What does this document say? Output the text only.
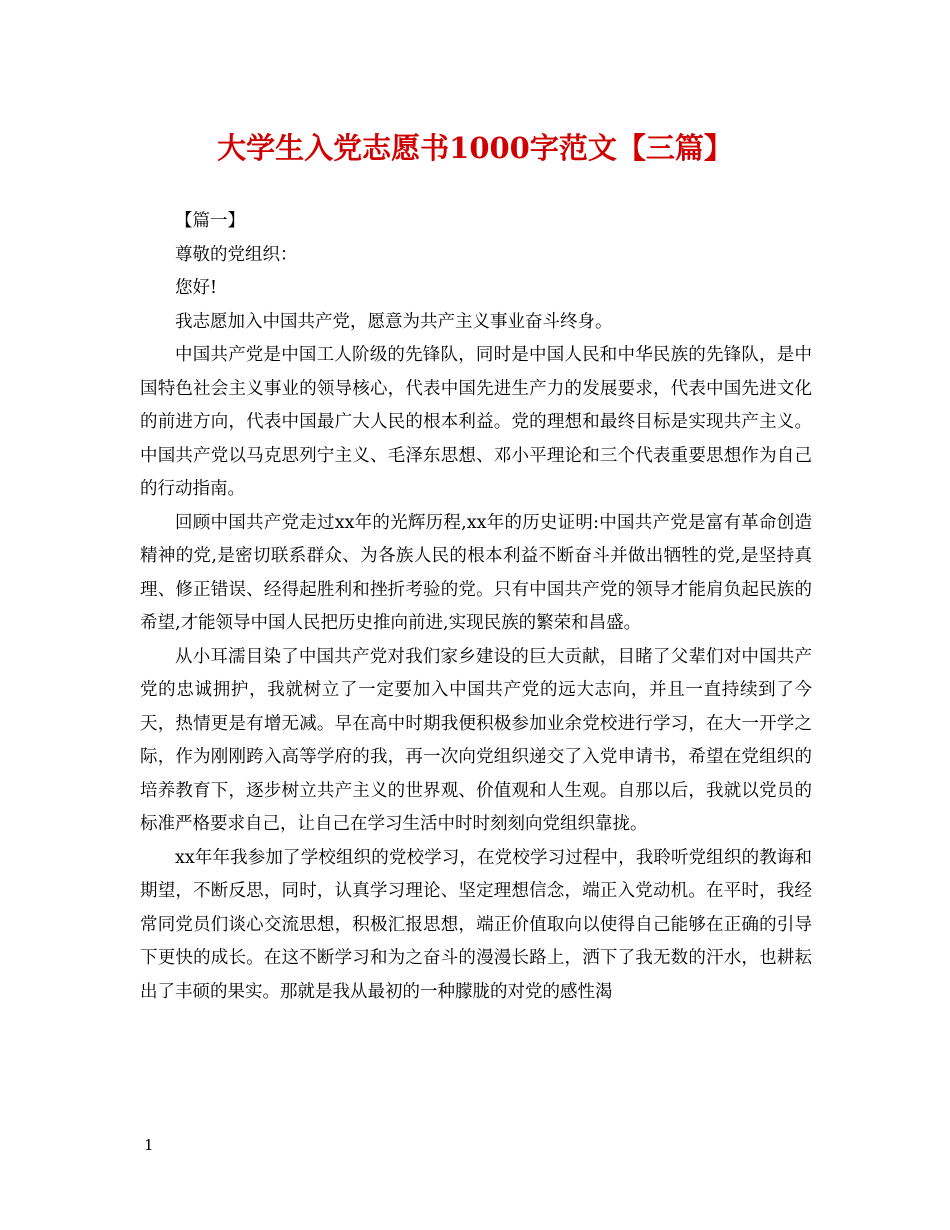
大学生入党志愿书1000字范文【三篇】

【篇一】

尊敬的党组织：

您好!

我志愿加入中国共产党，愿意为共产主义事业奋斗终身。

中国共产党是中国工人阶级的先锋队，同时是中国人民和中华民族的先锋队，是中国特色社会主义事业的领导核心，代表中国先进生产力的发展要求，代表中国先进文化的前进方向，代表中国最广大人民的根本利益。党的理想和最终目标是实现共产主义。中国共产党以马克思列宁主义、毛泽东思想、邓小平理论和三个代表重要思想作为自己的行动指南。

回顾中国共产党走过xx年的光辉历程,xx年的历史证明:中国共产党是富有革命创造精神的党,是密切联系群众、为各族人民的根本利益不断奋斗并做出牺牲的党,是坚持真理、修正错误、经得起胜利和挫折考验的党。只有中国共产党的领导才能肩负起民族的希望,才能领导中国人民把历史推向前进,实现民族的繁荣和昌盛。

从小耳濡目染了中国共产党对我们家乡建设的巨大贡献，目睹了父辈们对中国共产党的忠诚拥护，我就树立了一定要加入中国共产党的远大志向，并且一直持续到了今天，热情更是有增无减。早在高中时期我便积极参加业余党校进行学习，在大一开学之际，作为刚刚跨入高等学府的我，再一次向党组织递交了入党申请书，希望在党组织的培养教育下，逐步树立共产主义的世界观、价值观和人生观。自那以后，我就以党员的标准严格要求自己，让自己在学习生活中时时刻刻向党组织靠拢。

xx年年我参加了学校组织的党校学习，在党校学习过程中，我聆听党组织的教诲和期望，不断反思，同时，认真学习理论、坚定理想信念，端正入党动机。在平时，我经常同党员们谈心交流思想，积极汇报思想，端正价值取向以使得自己能够在正确的引导下更快的成长。在这不断学习和为之奋斗的漫漫长路上，洒下了我无数的汗水，也耕耘出了丰硕的果实。那就是我从最初的一种朦胧的对党的感性渴

1
